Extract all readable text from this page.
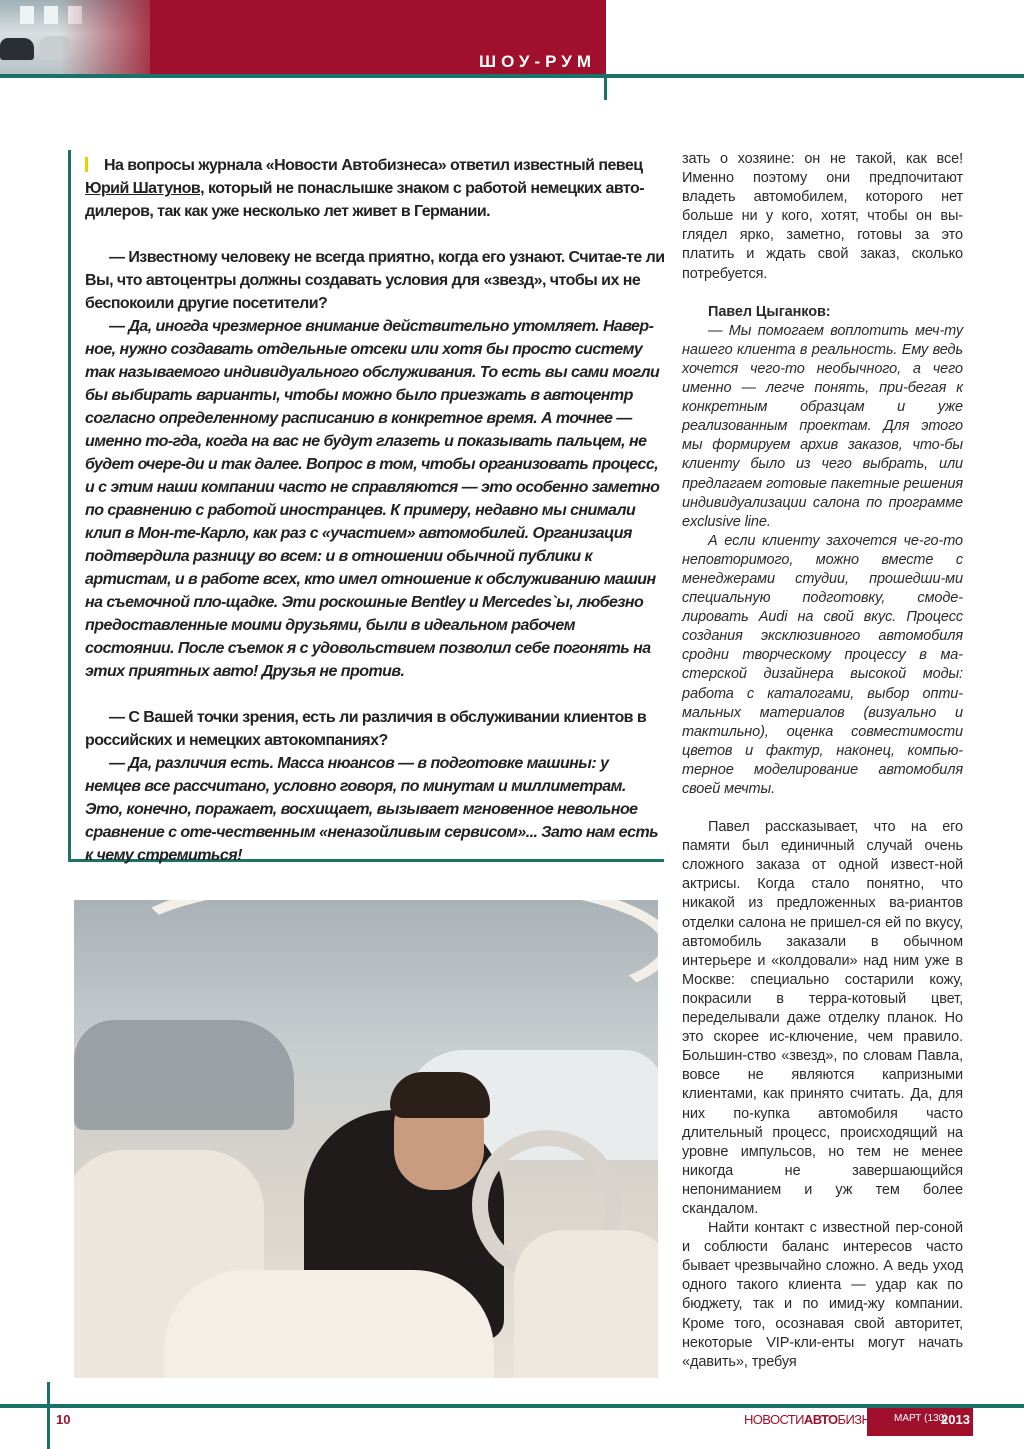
ШОУ-РУМ

На вопросы журнала «Новости Автобизнеса» ответил известный певец
Юрий Шатунов, который не понаслышке знаком с работой немецких авто-дилеров, так как уже несколько лет живет в Германии.

— Известному человеку не всегда приятно, когда его узнают. Считае-те ли Вы, что автоцентры должны создавать условия для «звезд», чтобы их не беспокоили другие посетители?

— Да, иногда чрезмерное внимание действительно утомляет. Навер-ное, нужно создавать отдельные отсеки или хотя бы просто систему так называемого индивидуального обслуживания. То есть вы сами могли бы выбирать варианты, чтобы можно было приезжать в автоцентр согласно определенному расписанию в конкретное время. А точнее — именно то-гда, когда на вас не будут глазеть и показывать пальцем, не будет очере-ди и так далее. Вопрос в том, чтобы организовать процесс, и с этим наши компании часто не справляются — это особенно заметно по сравнению с работой иностранцев. К примеру, недавно мы снимали клип в Мон-те-Карло, как раз с «участием» автомобилей. Организация подтвердила разницу во всем: и в отношении обычной публики к артистам, и в работе всех, кто имел отношение к обслуживанию машин на съемочной пло-щадке. Эти роскошные Bentley и Mercedes`ы, любезно предоставленные моими друзьями, были в идеальном рабочем состоянии. После съемок я с удовольствием позволил себе погонять на этих приятных авто! Друзья не против.

— С Вашей точки зрения, есть ли различия в обслуживании клиентов в российских и немецких автокомпаниях?

— Да, различия есть. Масса нюансов — в подготовке машины: у немцев все рассчитано, условно говоря, по минутам и миллиметрам. Это, конечно, поражает, восхищает, вызывает мгновенное невольное сравнение с оте-чественным «неназойливым сервисом»... Зато нам есть к чему стремиться!

зать о хозяине: он не такой, как все! Именно поэтому они предпочитают владеть автомобилем, которого нет больше ни у кого, хотят, чтобы он вы-глядел ярко, заметно, готовы за это платить и ждать свой заказ, сколько потребуется.

Павел Цыганков:

— Мы помогаем воплотить меч-ту нашего клиента в реальность. Ему ведь хочется чего-то необычного, а чего именно — легче понять, при-бегая к конкретным образцам и уже реализованным проектам. Для этого мы формируем архив заказов, что-бы клиенту было из чего выбрать, или предлагаем готовые пакетные решения индивидуализации салона по программе exclusive line.

А если клиенту захочется че-го-то неповторимого, можно вместе с менеджерами студии, прошедши-ми специальную подготовку, смоде-лировать Audi на свой вкус. Процесс создания эксклюзивного автомобиля сродни творческому процессу в ма-стерской дизайнера высокой моды: работа с каталогами, выбор опти-мальных материалов (визуально и тактильно), оценка совместимости цветов и фактур, наконец, компью-терное моделирование автомобиля своей мечты.

Павел рассказывает, что на его памяти был единичный случай очень сложного заказа от одной извест-ной актрисы. Когда стало понятно, что никакой из предложенных ва-риантов отделки салона не пришел-ся ей по вкусу, автомобиль заказали в обычном интерьере и «колдовали» над ним уже в Москве: специально состарили кожу, покрасили в терра-котовый цвет, переделывали даже отделку планок. Но это скорее ис-ключение, чем правило. Большин-ство «звезд», по словам Павла, вовсе не являются капризными клиентами, как принято считать. Да, для них по-купка автомобиля часто длительный процесс, происходящий на уровне импульсов, но тем не менее никогда не завершающийся непониманием и уж тем более скандалом.

Найти контакт с известной пер-соной и соблюсти баланс интересов часто бывает чрезвычайно сложно. А ведь уход одного такого клиента — удар как по бюджету, так и по имид-жу компании. Кроме того, осознавая свой авторитет, некоторые VIP-кли-енты могут начать «давить», требуя

10	НОВОСТИАВТОБИЗНЕСА МАРТ (130)
2013
